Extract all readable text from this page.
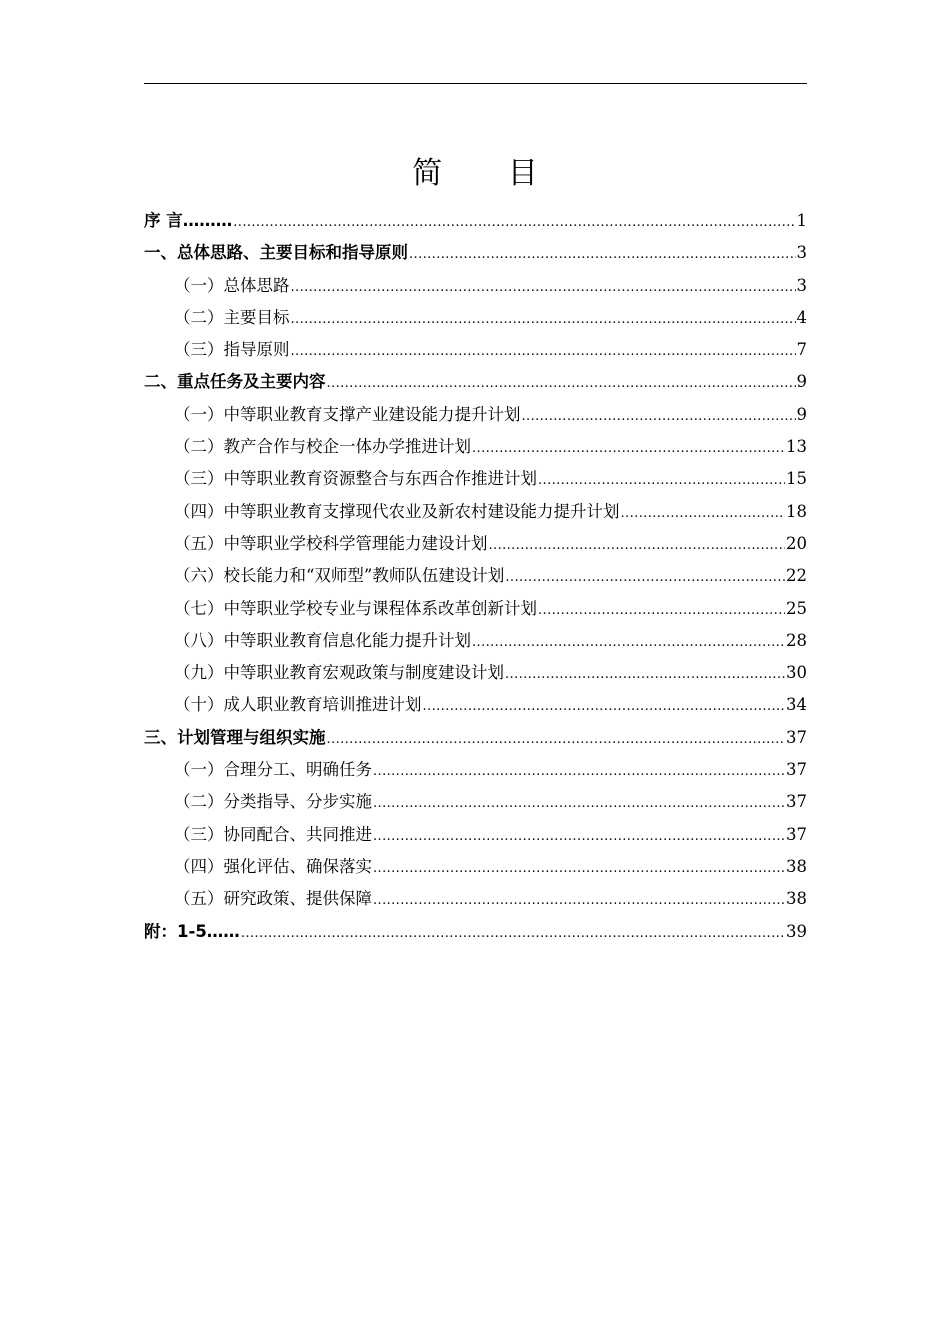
简 目
序 言……… .....	1
一、总体思路、主要目标和指导原则 .....	3
（一）总体思路 .....	3
（二）主要目标 .....	4
（三）指导原则 .....	7
二、重点任务及主要内容 .....	9
（一）中等职业教育支撑产业建设能力提升计划 .....	9
（二）教产合作与校企一体办学推进计划 .....	13
（三）中等职业教育资源整合与东西合作推进计划 .....	15
（四）中等职业教育支撑现代农业及新农村建设能力提升计划 .....	18
（五）中等职业学校科学管理能力建设计划 .....	20
（六）校长能力和“双师型”教师队伍建设计划 .....	22
（七）中等职业学校专业与课程体系改革创新计划 .....	25
（八）中等职业教育信息化能力提升计划 .....	28
（九）中等职业教育宏观政策与制度建设计划 .....	30
（十）成人职业教育培训推进计划 .....	34
三、计划管理与组织实施 .....	37
（一）合理分工、明确任务 .....	37
（二）分类指导、分步实施 .....	37
（三）协同配合、共同推进 .....	37
（四）强化评估、确保落实 .....	38
（五）研究政策、提供保障 .....	38
附：1-5…… .....	39
